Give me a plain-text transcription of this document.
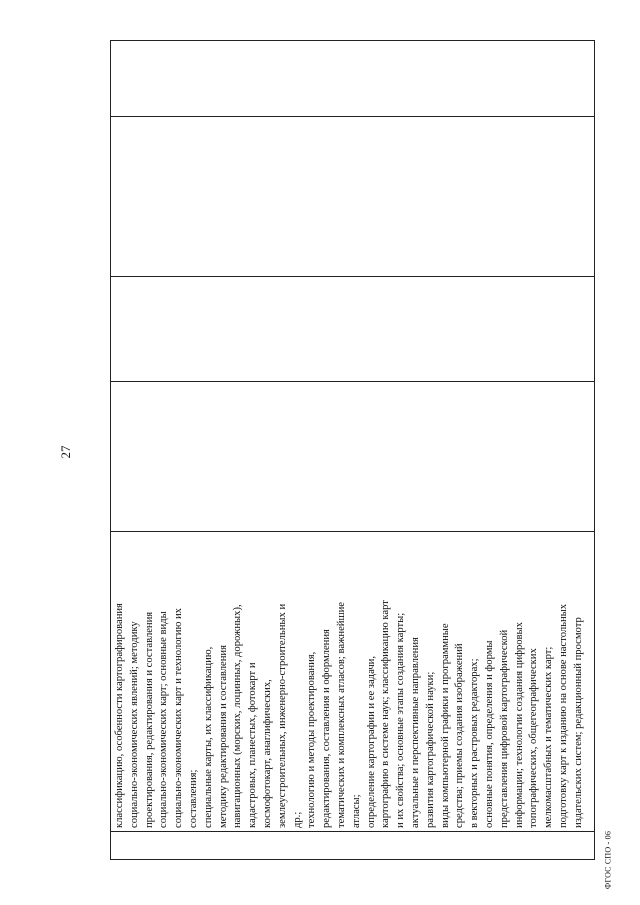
27
классификацию, особенности картографирования социально-экономических явлений; методику проектирования, редактирования и составления социально-экономических карт; основные виды социально-экономических карт и технологию их составления; специальные карты, их классификацию, методику редактирования и составления навигационных (морских, лоцинных, дорожных), кадастровых, планестых, фотокарт и космофотокарт, анаглифических, землеустроительных, инженерно-строительных и др.; технологию и методы проектирования, редактирования, составления и оформления тематических и комплексных атласов; важнейшие атласы; определение картографии и ее задачи, картографию в системе наук; классификацию карт и их свойства; основные этапы создания карты; актуальные и перспективные направления развития картографической науки; виды компьютерной графики и программные средства; приемы создания изображений в векторных и растровых редакторах; основные понятия, определения и формы представления цифровой картографической информации; технологии создания цифровых топографических, общегеографических мелкомасштабных и тематических карт; подготовку карт к изданию на основе настольных издательских систем; редакционный просмотр
ФГОС СПО - 06
